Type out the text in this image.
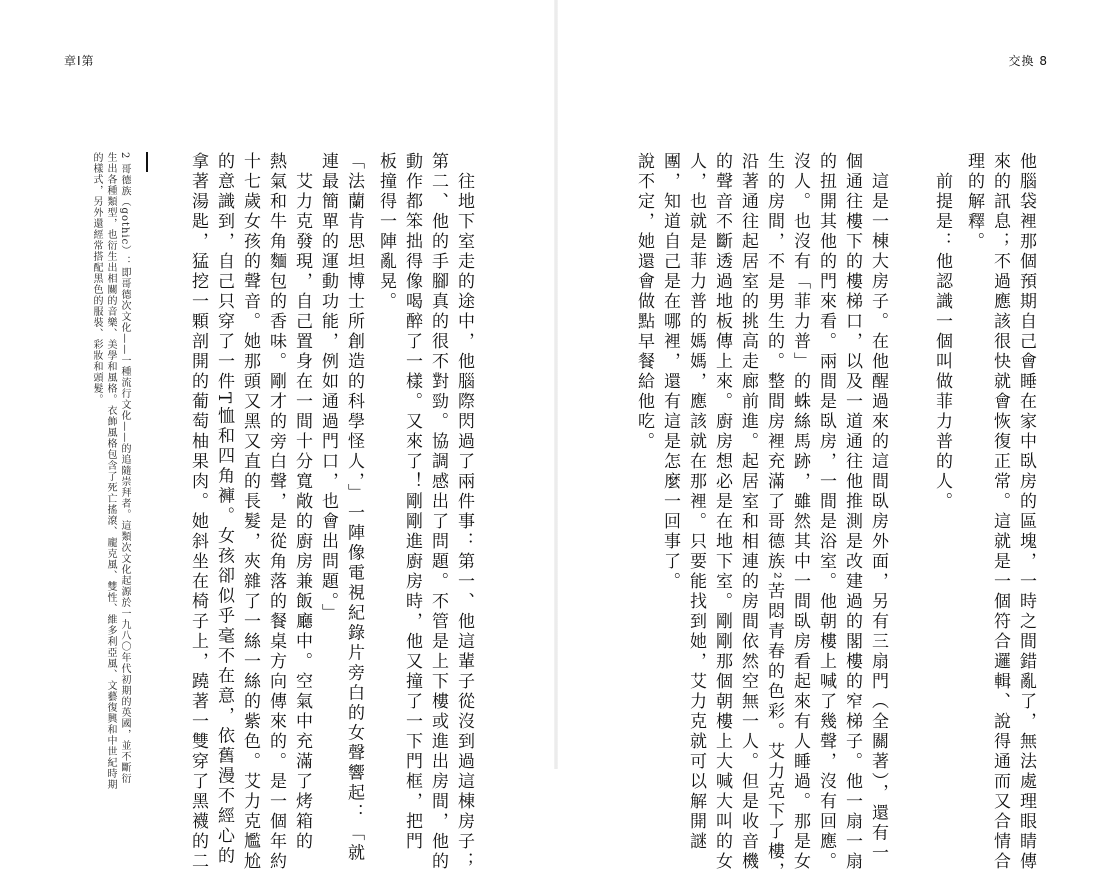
章I第
拿著湯匙，猛挖一顆剖開的葡萄柚果肉。她斜坐在椅子上，蹺著一雙穿了黑襪的二 的意識到，自己只穿了一件T恤和四角褲。女孩卻似乎毫不在意，依舊漫不經心的 十七歲女孩的聲音。她那頭又黑又直的長髮，夾雜了一絲一絲的紫色。艾力克尷尬 熱氣和牛角麵包的香味。剛才的旁白聲，是從角落的餐桌方向傳來的。是一個年約 艾力克發現，自己置身在一間十分寬敞的廚房兼飯廳中。空氣中充滿了烤箱的 連最簡單的運動功能，例如通過門口，也會出問題。」 「法蘭肯思坦博士所創造的科學怪人，」一陣像電視紀錄片旁白的女聲響起：「就 板撞得一陣亂晃。 動作都笨拙得像喝醉了一樣。又來了！剛剛進廚房時，他又撞了一下門框，把門 第二、他的手腳真的很不對勁。協調感出了問題。不管是上下樓或進出房間，他的 往地下室走的途中，他腦際閃過了兩件事：第一、他這輩子從沒到過這棟房子；
的樣式，另外還經常搭配黑色的服裝、彩妝和頭髮。 生出各種類型，也衍生出相關的音樂、美學和風格。衣飾風格包含了死亡搖滾、龐克風、雙性、維多利亞風、文藝復興和中世紀時期 2 哥德族（gothic）：即哥德次文化——一種流行文化——的追隨崇拜者。這類次文化起源於一九八〇年代初期的英國，並不斷衍
交換 8
說不定，她還會做點早餐給他吃。 團，知道自己是在哪裡，還有這是怎麼一回事了。 人，也就是菲力普的媽媽，應該就在那裡。只要能找到她，艾力克就可以解開謎 的聲音不斷透過地板傳上來。廚房想必是在地下室。剛剛那個朝樓上大喊大叫的女 沿著通往起居室的挑高走廊前進。起居室和相連的房間依然空無一人。但是收音機 生的房間，不是男生的。整間房裡充滿了哥德族²苦悶青春的色彩。艾力克下了樓， 沒人。也沒有「菲力普」的蛛絲馬跡，雖然其中一間臥房看起來有人睡過。那是女 的扭開其他的門來看。兩間是臥房，一間是浴室。他朝樓上喊了幾聲，沒有回應。 個通往樓下的樓梯口，以及一道通往他推測是改建過的閣樓的窄梯子。他一扇一扇 這是一棟大房子。在他醒過來的這間臥房外面，另有三扇門（全關著），還有一	前提是：他認識一個叫做菲力普的人。 理的解釋。 來的訊息；不過應該很快就會恢復正常。這就是一個符合邏輯、說得通而又合情合 他腦袋裡那個預期自己會睡在家中臥房的區塊，一時之間錯亂了，無法處理眼睛傳
